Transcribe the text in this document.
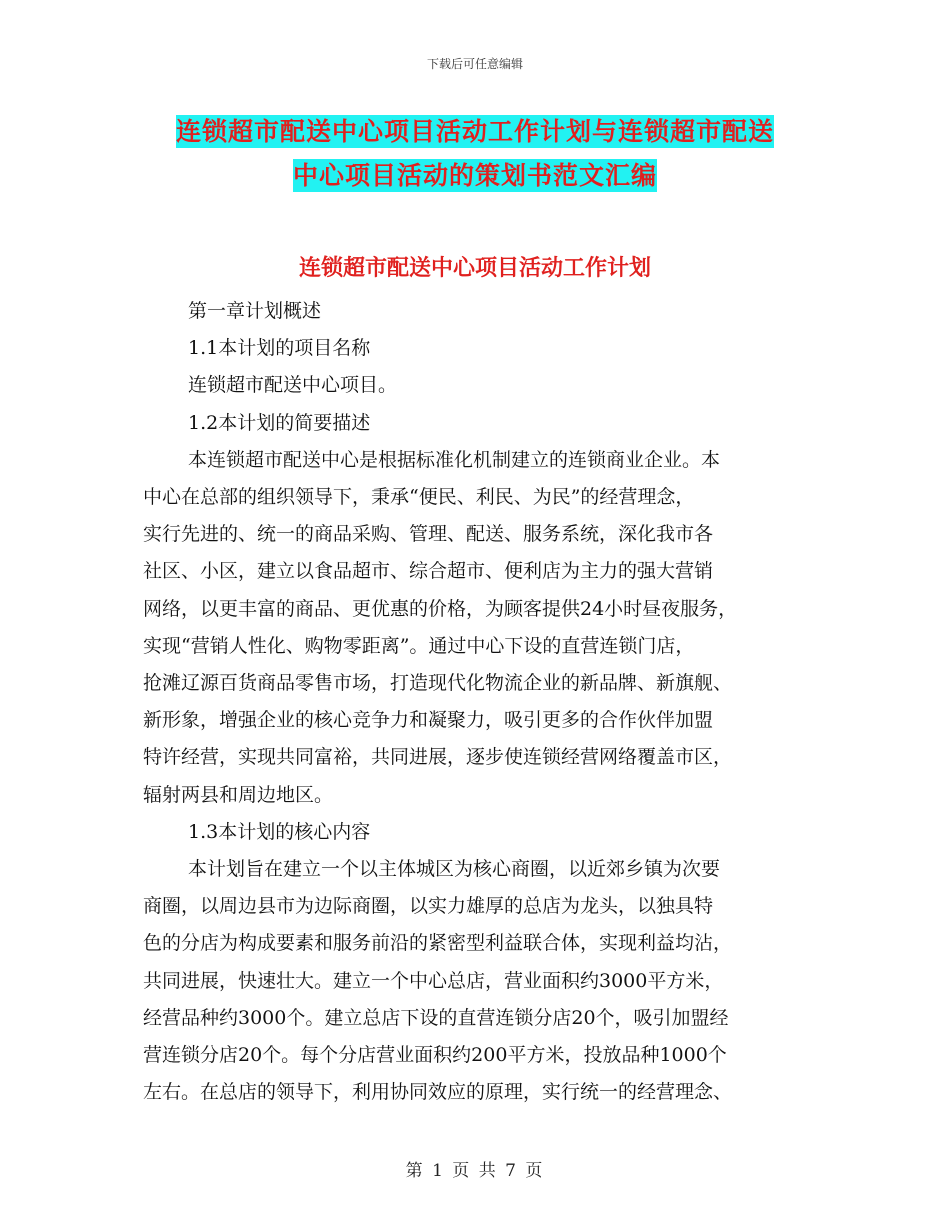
下载后可任意编辑
连锁超市配送中心项目活动工作计划与连锁超市配送
中心项目活动的策划书范文汇编
连锁超市配送中心项目活动工作计划

第一章计划概述

1.1本计划的项目名称

连锁超市配送中心项目。

1.2本计划的简要描述

本连锁超市配送中心是根据标准化机制建立的连锁商业企业。本
中心在总部的组织领导下，秉承“便民、利民、为民”的经营理念，
实行先进的、统一的商品采购、管理、配送、服务系统，深化我市各
社区、小区，建立以食品超市、综合超市、便利店为主力的强大营销
网络，以更丰富的商品、更优惠的价格，为顾客提供24小时昼夜服务，
实现“营销人性化、购物零距离”。通过中心下设的直营连锁门店，
抢滩辽源百货商品零售市场，打造现代化物流企业的新品牌、新旗舰、
新形象，增强企业的核心竞争力和凝聚力，吸引更多的合作伙伴加盟
特许经营，实现共同富裕，共同进展，逐步使连锁经营网络覆盖市区，
辐射两县和周边地区。

1.3本计划的核心内容

本计划旨在建立一个以主体城区为核心商圈，以近郊乡镇为次要
商圈，以周边县市为边际商圈，以实力雄厚的总店为龙头，以独具特
色的分店为构成要素和服务前沿的紧密型利益联合体，实现利益均沾，
共同进展，快速壮大。建立一个中心总店，营业面积约3000平方米，
经营品种约3000个。建立总店下设的直营连锁分店20个，吸引加盟经
营连锁分店20个。每个分店营业面积约200平方米，投放品种1000个
左右。在总店的领导下，利用协同效应的原理，实行统一的经营理念、
第 1 页 共 7 页
